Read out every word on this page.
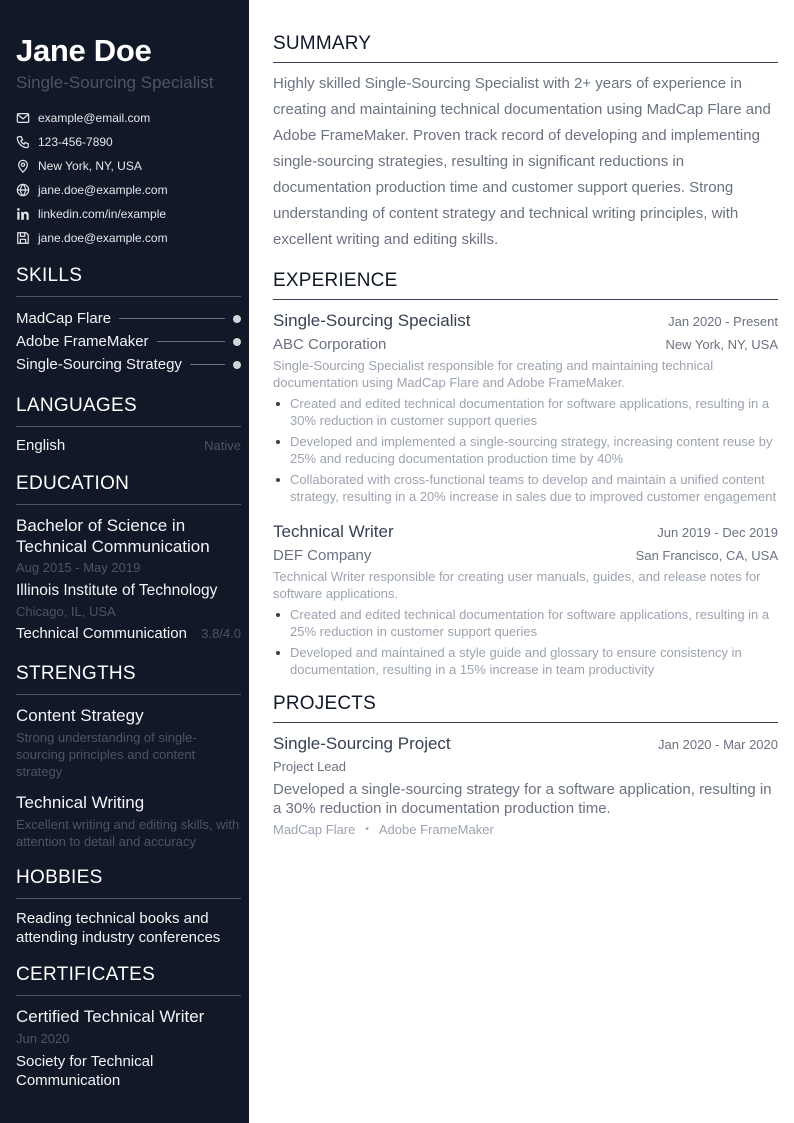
Jane Doe
Single-Sourcing Specialist
example@email.com
123-456-7890
New York, NY, USA
jane.doe@example.com
linkedin.com/in/example
jane.doe@example.com
SKILLS
MadCap Flare
Adobe FrameMaker
Single-Sourcing Strategy
LANGUAGES
English	Native
EDUCATION
Bachelor of Science in Technical Communication
Aug 2015 - May 2019
Illinois Institute of Technology
Chicago, IL, USA
Technical Communication 3.8/4.0
STRENGTHS
Content Strategy
Strong understanding of single-sourcing principles and content strategy
Technical Writing
Excellent writing and editing skills, with attention to detail and accuracy
HOBBIES
Reading technical books and attending industry conferences
CERTIFICATES
Certified Technical Writer
Jun 2020
Society for Technical Communication
SUMMARY
Highly skilled Single-Sourcing Specialist with 2+ years of experience in creating and maintaining technical documentation using MadCap Flare and Adobe FrameMaker. Proven track record of developing and implementing single-sourcing strategies, resulting in significant reductions in documentation production time and customer support queries. Strong understanding of content strategy and technical writing principles, with excellent writing and editing skills.
EXPERIENCE
Single-Sourcing Specialist	Jan 2020 - Present
ABC Corporation	New York, NY, USA
Single-Sourcing Specialist responsible for creating and maintaining technical documentation using MadCap Flare and Adobe FrameMaker.
Created and edited technical documentation for software applications, resulting in a 30% reduction in customer support queries
Developed and implemented a single-sourcing strategy, increasing content reuse by 25% and reducing documentation production time by 40%
Collaborated with cross-functional teams to develop and maintain a unified content strategy, resulting in a 20% increase in sales due to improved customer engagement
Technical Writer	Jun 2019 - Dec 2019
DEF Company	San Francisco, CA, USA
Technical Writer responsible for creating user manuals, guides, and release notes for software applications.
Created and edited technical documentation for software applications, resulting in a 25% reduction in customer support queries
Developed and maintained a style guide and glossary to ensure consistency in documentation, resulting in a 15% increase in team productivity
PROJECTS
Single-Sourcing Project	Jan 2020 - Mar 2020
Project Lead
Developed a single-sourcing strategy for a software application, resulting in a 30% reduction in documentation production time.
MadCap Flare • Adobe FrameMaker
